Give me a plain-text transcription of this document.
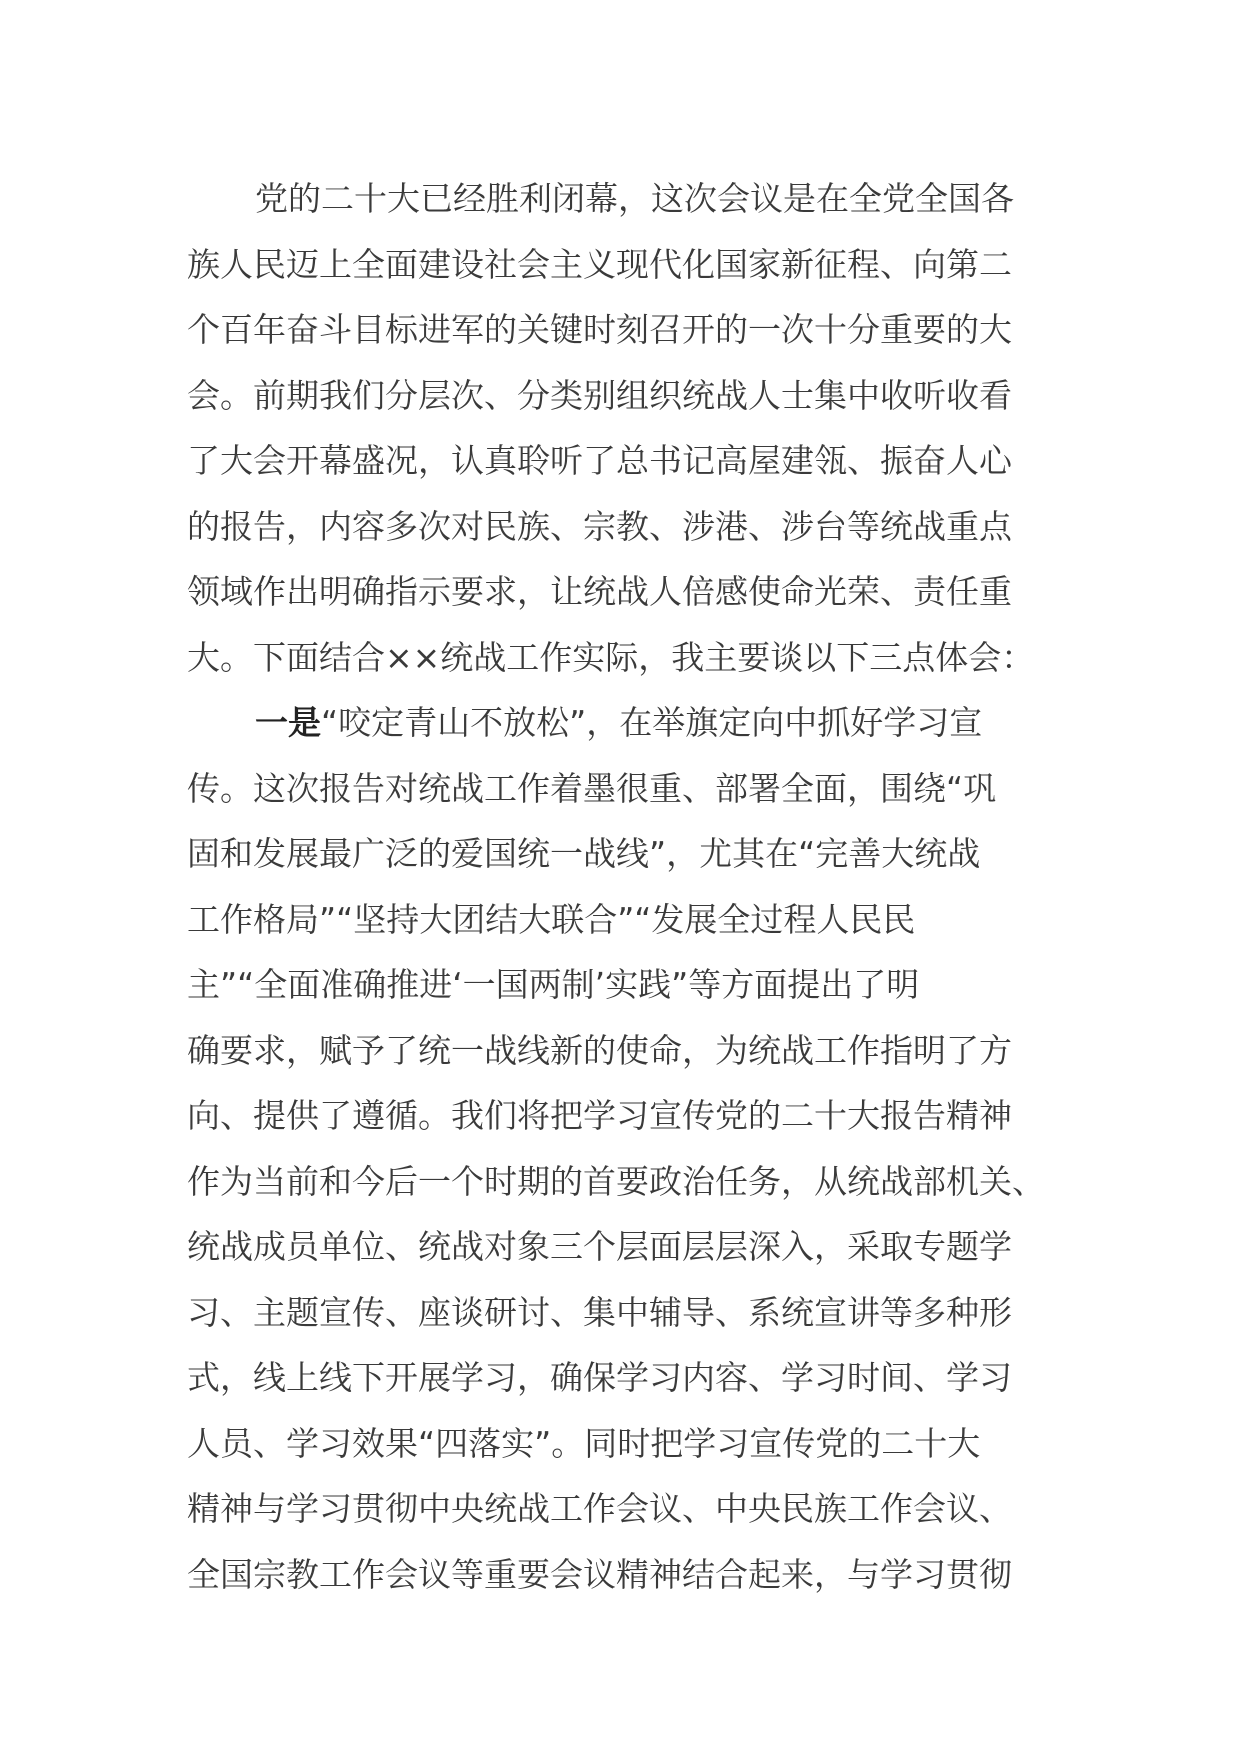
党的二十大已经胜利闭幕，这次会议是在全党全国各
族人民迈上全面建设社会主义现代化国家新征程、向第二
个百年奋斗目标进军的关键时刻召开的一次十分重要的大
会。前期我们分层次、分类别组织统战人士集中收听收看
了大会开幕盛况，认真聆听了总书记高屋建瓴、振奋人心
的报告，内容多次对民族、宗教、涉港、涉台等统战重点
领域作出明确指示要求，让统战人倍感使命光荣、责任重
大。下面结合××统战工作实际，我主要谈以下三点体会：
一是“咬定青山不放松”，在举旗定向中抓好学习宣
传。这次报告对统战工作着墨很重、部署全面，围绕“巩
固和发展最广泛的爱国统一战线”，尤其在“完善大统战
工作格局”“坚持大团结大联合”“发展全过程人民民
主”“全面准确推进‘一国两制’实践”等方面提出了明
确要求，赋予了统一战线新的使命，为统战工作指明了方
向、提供了遵循。我们将把学习宣传党的二十大报告精神
作为当前和今后一个时期的首要政治任务，从统战部机关、
统战成员单位、统战对象三个层面层层深入，采取专题学
习、主题宣传、座谈研讨、集中辅导、系统宣讲等多种形
式，线上线下开展学习，确保学习内容、学习时间、学习
人员、学习效果“四落实”。同时把学习宣传党的二十大
精神与学习贯彻中央统战工作会议、中央民族工作会议、
全国宗教工作会议等重要会议精神结合起来，与学习贯彻
